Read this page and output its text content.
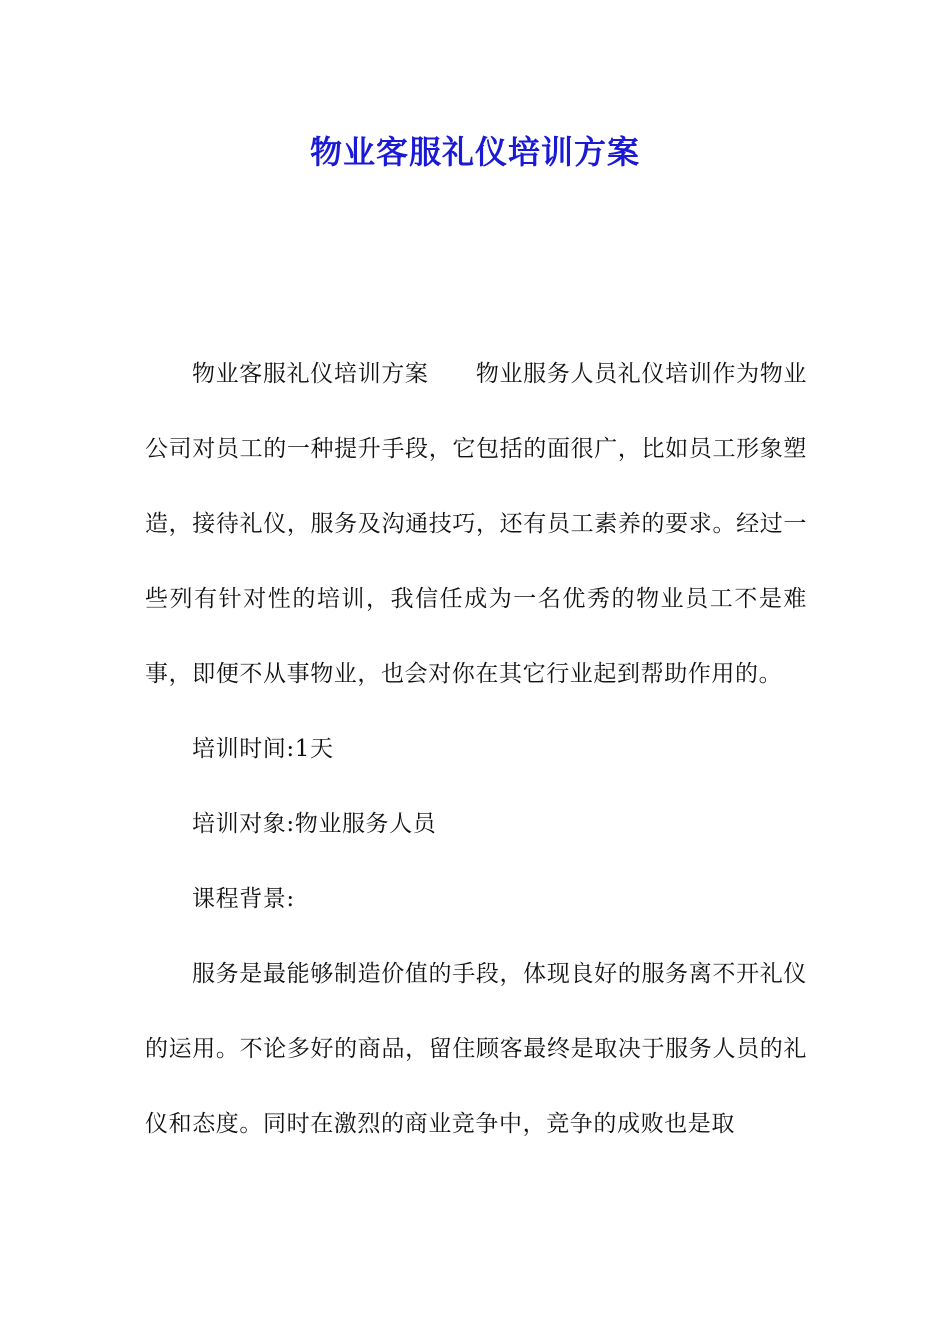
物业客服礼仪培训方案

物业客服礼仪培训方案　　物业服务人员礼仪培训作为物业公司对员工的一种提升手段，它包括的面很广，比如员工形象塑造，接待礼仪，服务及沟通技巧，还有员工素养的要求。经过一些列有针对性的培训，我信任成为一名优秀的物业员工不是难事，即便不从事物业，也会对你在其它行业起到帮助作用的。

培训时间:1天

培训对象:物业服务人员

课程背景:

服务是最能够制造价值的手段，体现良好的服务离不开礼仪的运用。不论多好的商品，留住顾客最终是取决于服务人员的礼仪和态度。同时在激烈的商业竞争中，竞争的成败也是取
